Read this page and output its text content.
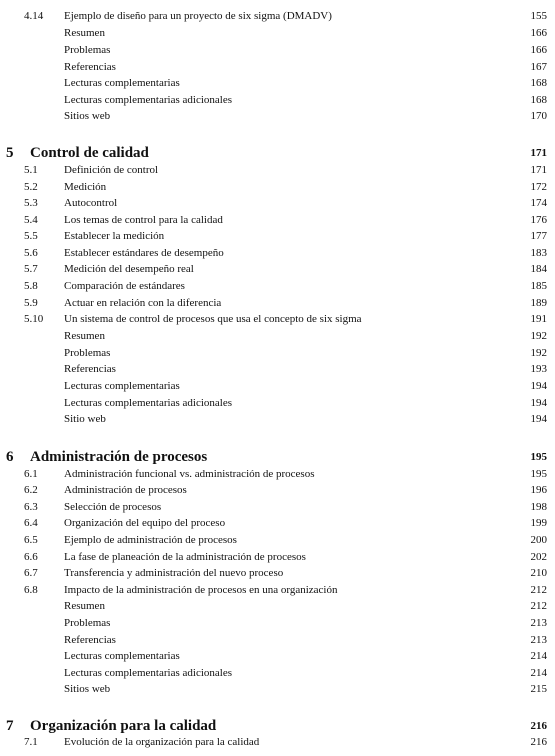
4.14 Ejemplo de diseño para un proyecto de six sigma (DMADV)	155
Resumen	166
Problemas	166
Referencias	167
Lecturas complementarias	168
Lecturas complementarias adicionales	168
Sitios web	170
5 Control de calidad	171
5.1 Definición de control	171
5.2 Medición	172
5.3 Autocontrol	174
5.4 Los temas de control para la calidad	176
5.5 Establecer la medición	177
5.6 Establecer estándares de desempeño	183
5.7 Medición del desempeño real	184
5.8 Comparación de estándares	185
5.9 Actuar en relación con la diferencia	189
5.10 Un sistema de control de procesos que usa el concepto de six sigma	191
Resumen	192
Problemas	192
Referencias	193
Lecturas complementarias	194
Lecturas complementarias adicionales	194
Sitio web	194
6 Administración de procesos	195
6.1 Administración funcional vs. administración de procesos	195
6.2 Administración de procesos	196
6.3 Selección de procesos	198
6.4 Organización del equipo del proceso	199
6.5 Ejemplo de administración de procesos	200
6.6 La fase de planeación de la administración de procesos	202
6.7 Transferencia y administración del nuevo proceso	210
6.8 Impacto de la administración de procesos en una organización	212
Resumen	212
Problemas	213
Referencias	213
Lecturas complementarias	214
Lecturas complementarias adicionales	214
Sitios web	215
7 Organización para la calidad	216
7.1 Evolución de la organización para la calidad	216
